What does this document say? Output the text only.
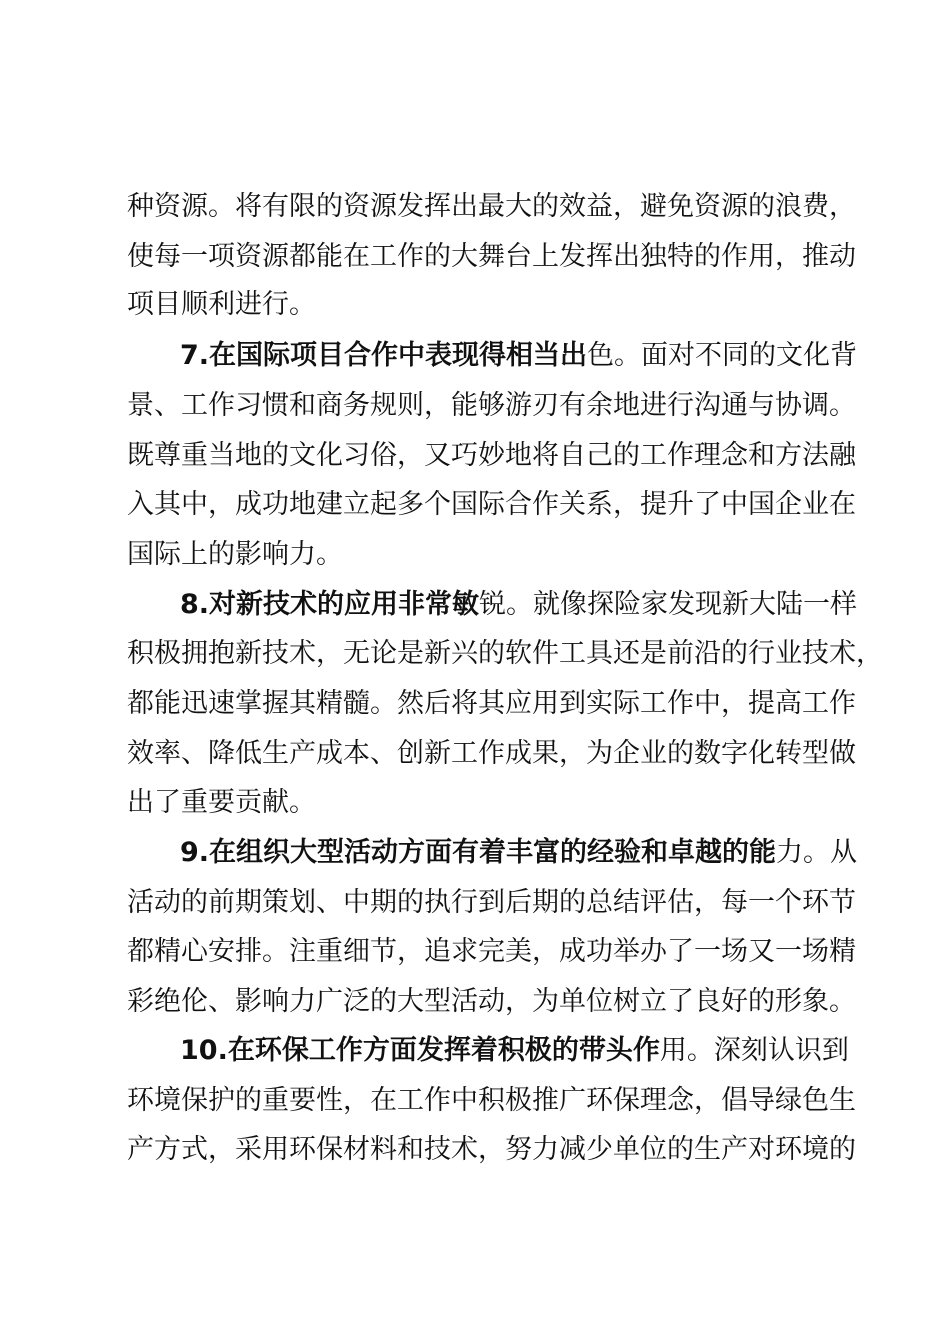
种资源。将有限的资源发挥出最大的效益，避免资源的浪费，
使每一项资源都能在工作的大舞台上发挥出独特的作用，推动
项目顺利进行。
7.在国际项目合作中表现得相当出色。面对不同的文化背
景、工作习惯和商务规则，能够游刃有余地进行沟通与协调。
既尊重当地的文化习俗，又巧妙地将自己的工作理念和方法融
入其中，成功地建立起多个国际合作关系，提升了中国企业在
国际上的影响力。
8.对新技术的应用非常敏锐。就像探险家发现新大陆一样
积极拥抱新技术，无论是新兴的软件工具还是前沿的行业技术，
都能迅速掌握其精髓。然后将其应用到实际工作中，提高工作
效率、降低生产成本、创新工作成果，为企业的数字化转型做
出了重要贡献。
9.在组织大型活动方面有着丰富的经验和卓越的能力。从
活动的前期策划、中期的执行到后期的总结评估，每一个环节
都精心安排。注重细节，追求完美，成功举办了一场又一场精
彩绝伦、影响力广泛的大型活动，为单位树立了良好的形象。
10.在环保工作方面发挥着积极的带头作用。深刻认识到
环境保护的重要性，在工作中积极推广环保理念，倡导绿色生
产方式，采用环保材料和技术，努力减少单位的生产对环境的
